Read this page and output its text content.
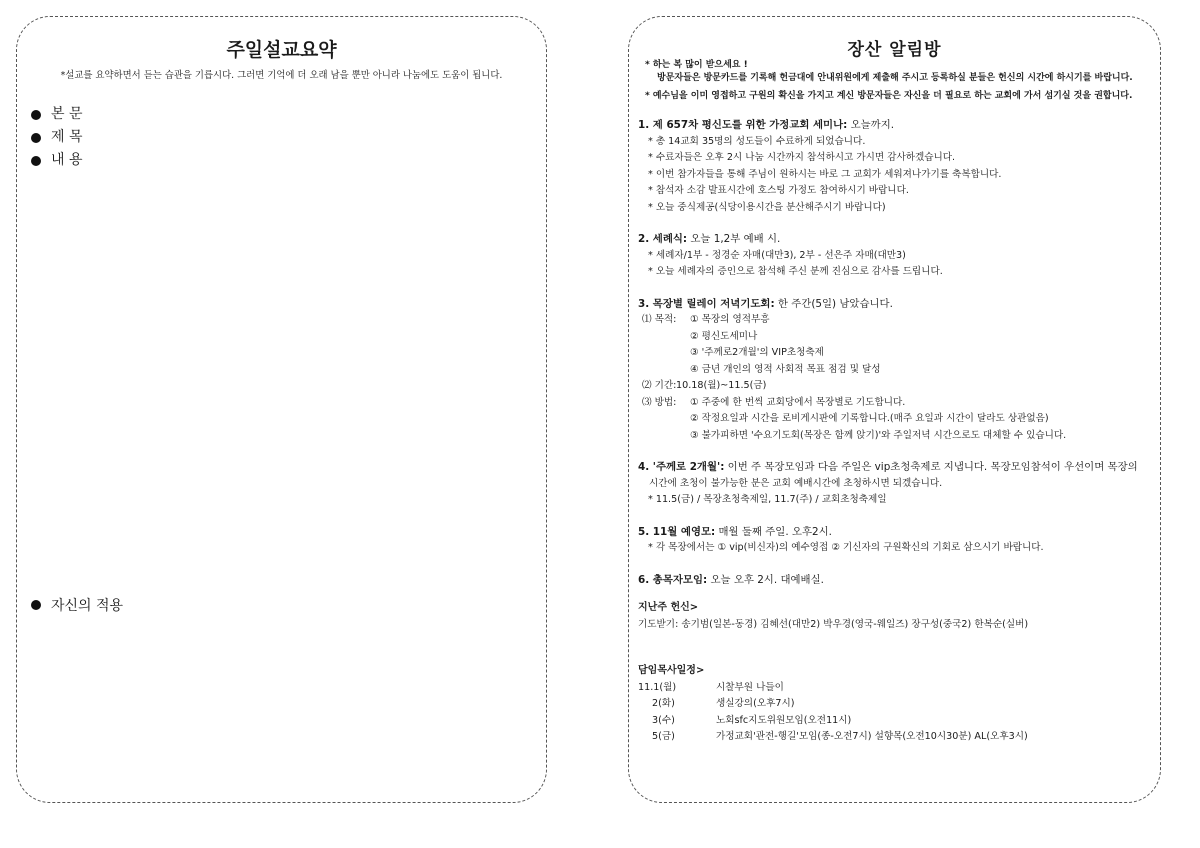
주일설교요약
*설교를 요약하면서 듣는 습관을 기릅시다. 그러면 기억에 더 오래 남을 뿐만 아니라 나눔에도 도움이 됩니다.
본 문
제 목
내 용
자신의 적용
장산 알림방
* 하는 복 많이 받으세요 !
방문자들은 방문카드를 기록해 헌금대에 안내위원에게 제출해 주시고 등록하실 분들은 헌신의 시간에 하시기를 바랍니다.
* 예수님을 이미 영접하고 구원의 확신을 가지고 계신 방문자들은 자신을 더 필요로 하는 교회에 가서 섬기실 것을 권합니다.
1. 제 657차 평신도를 위한 가정교회 세미나: 오늘까지.
* 총 14교회 35명의 성도들이 수료하게 되었습니다.
* 수료자들은 오후 2시 나눔 시간까지 참석하시고 가시면 감사하겠습니다.
* 이번 참가자들을 통해 주님이 원하시는 바로 그 교회가 세워져나가기를 축복합니다.
* 참석자 소감 발표시간에 호스팅 가정도 참여하시기 바랍니다.
* 오늘 중식제공(식당이용시간을 분산해주시기 바랍니다)
2. 세례식: 오늘 1,2부 예배 시.
* 세례자/1부 - 정경순 자매(대만3), 2부 - 선은주 자매(대만3)
* 오늘 세례자의 증인으로 참석해 주신 분께 진심으로 감사를 드립니다.
3. 목장별 릴레이 저녁기도회: 한 주간(5일) 남았습니다.
⑴ 목적:	① 목장의 영적부흥
② 평신도세미나
③ '주께로2개월'의 VIP초청축제
④ 금년 개인의 영적 사회적 목표 점검 및 달성
⑵ 기간: 10.18(월)~11.5(금)
⑶ 방법:	① 주중에 한 번씩 교회당에서 목장별로 기도합니다.
② 작정요일과 시간을 로비게시판에 기록합니다.(매주 요일과 시간이 달라도 상관없음)
③ 불가피하면 '수요기도회(목장은 함께 앉기)'와 주일저녁 시간으로도 대체할 수 있습니다.
4. '주께로 2개월': 이번 주 목장모임과 다음 주일은 vip초청축제로 지냅니다. 목장모임참석이 우선이며 목장의
시간에 초청이 불가능한 분은 교회 예배시간에 초청하시면 되겠습니다.
* 11.5(금) / 목장초청축제일, 11.7(주) / 교회초청축제일
5. 11월 예영모: 매월 둘째 주일. 오후2시.
* 각 목장에서는 ① vip(비신자)의 예수영접 ② 기신자의 구원확신의 기회로 삼으시기 바랍니다.
6. 총목자모임: 오늘 오후 2시. 대예배실.
지난주 헌신>
기도받기: 송기범(일본-동경) 김혜선(대만2) 박우경(영국-웨일즈) 장구성(중국2) 한복순(실버)
담임목사일정>
11.1(월)	시찰부원 나들이
2(화)	생실강의(오후7시)
3(수)	노회sfc지도위원모임(오전11시)
5(금)	가정교회'관전-행길'모임(종-오전7시) 설향목(오전10시30분) AL(오후3시)
